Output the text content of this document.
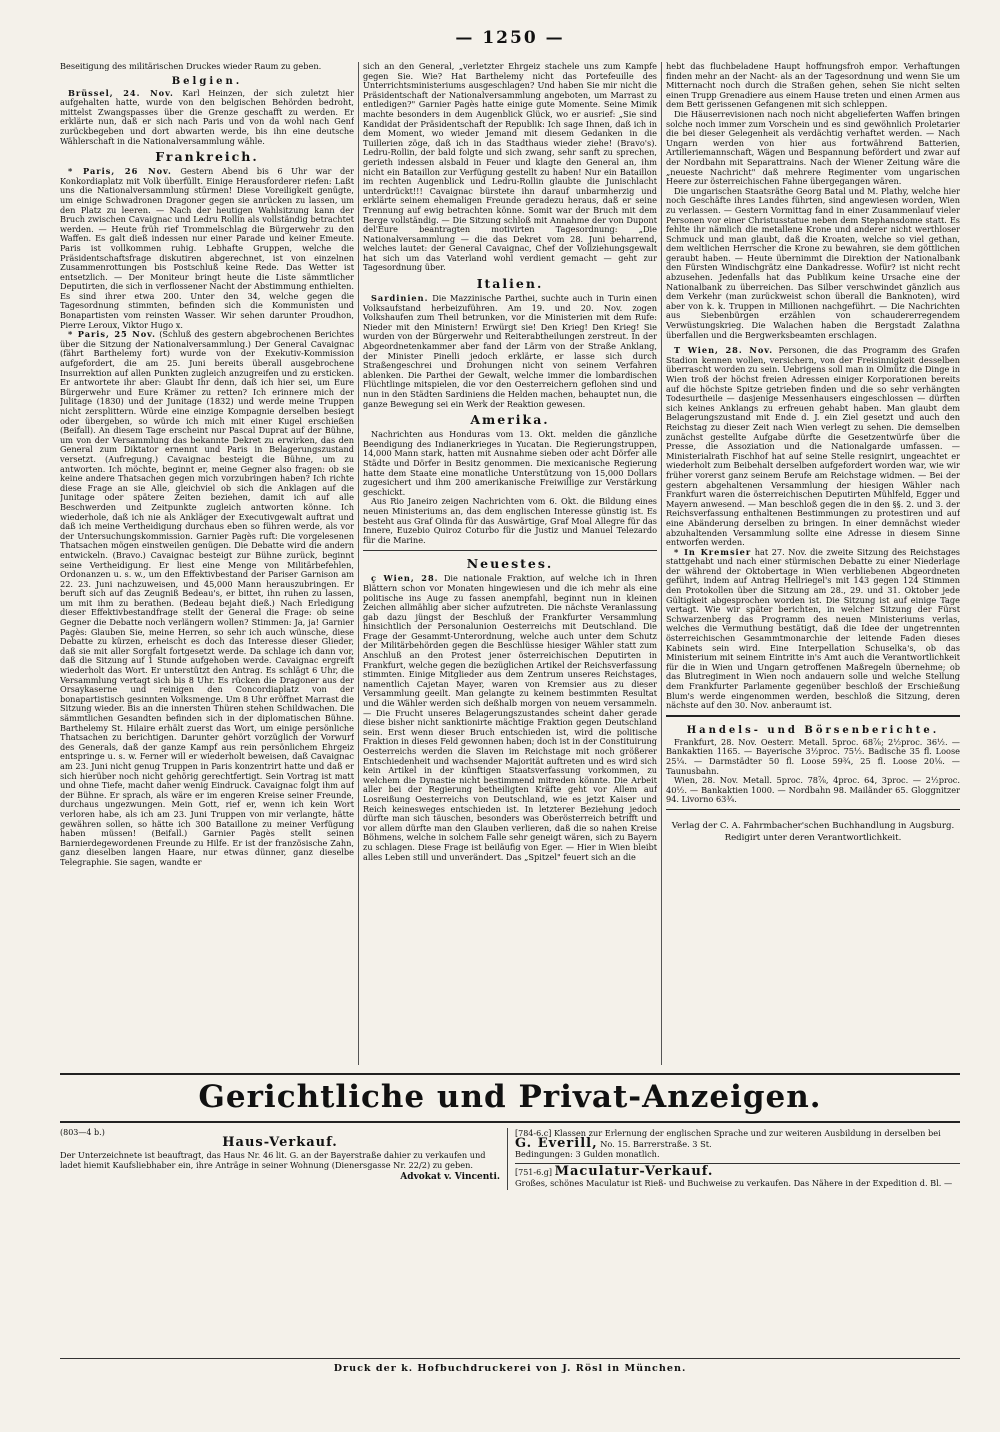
— 1250 —

Beseitigung des militärischen Druckes wieder Raum zu geben.

Belgien.

Brüssel, 24. Nov. Karl Heinzen, der sich zuletzt hier aufgehalten hatte, wurde von den belgischen Behörden bedroht, mittelst Zwangspasses über die Grenze geschafft zu werden. Er erklärte nun, daß er sich nach Paris und von da wohl nach Genf zurückbegeben und dort abwarten werde, bis ihn eine deutsche Wählerschaft in die Nationalversammlung wähle.

Frankreich.

* Paris, 26 Nov. Gestern Abend bis 6 Uhr war der Konkordiaplatz mit Volk überfüllt. Einige Herausforderer riefen: Laßt uns die Nationalversammlung stürmen! Diese Voreiligkeit genügte, um einige Schwadronen Dragoner gegen sie anrücken zu lassen, um den Platz zu leeren. — Nach der heutigen Wahlsitzung kann der Bruch zwischen Cavaignac und Ledru Rollin als vollständig betrachtet werden. — Heute früh rief Trommelschlag die Bürgerwehr zu den Waffen. Es galt dieß indessen nur einer Parade und keiner Emeute. Paris ist vollkommen ruhig. Lebhafte Gruppen, welche die Präsidentschaftsfrage diskutiren abgerechnet, ist von einzelnen Zusammenrottungen bis Postschluß keine Rede. Das Wetter ist entsetzlich. — Der Moniteur bringt heute die Liste sämmtlicher Deputirten, die sich in verflossener Nacht der Abstimmung enthielten. Es sind ihrer etwa 200. Unter den 34, welche gegen die Tagesordnung stimmten, befinden sich die Kommunisten und Bonapartisten vom reinsten Wasser. Wir sehen darunter Proudhon, Pierre Leroux, Viktor Hugo x.

* Paris, 25 Nov. (Schluß des gestern abgebrochenen Berichtes über die Sitzung der Nationalversammlung.) Der General Cavaignac (fährt Barthelemy fort) wurde von der Exekutiv-Kommission aufgefordert, die am 25. Juni bereits überall ausgebrochene Insurrektion auf allen Punkten zugleich anzugreifen und zu ersticken. Er antwortete ihr aber: Glaubt Ihr denn, daß ich hier sei, um Eure Bürgerwehr und Eure Krämer zu retten? Ich erinnere mich der Julitage (1830) und der Junitage (1832) und werde meine Truppen nicht zersplittern. Würde eine einzige Kompagnie derselben besiegt oder übergeben, so würde ich mich mit einer Kugel erschießen (Beifall). An diesem Tage erscheint nur Pascal Duprat auf der Bühne, um von der Versammlung das bekannte Dekret zu erwirken, das den General zum Diktator ernennt und Paris in Belagerungszustand versetzt. (Aufregung.) Cavaignac besteigt die Bühne, um zu antworten. Ich möchte, beginnt er, meine Gegner also fragen: ob sie keine andere Thatsachen gegen mich vorzubringen haben? Ich richte diese Frage an sie Alle, gleichviel ob sich die Anklagen auf die Junitage oder spätere Zeiten beziehen, damit ich auf alle Beschwerden und Zeitpunkte zugleich antworten könne. Ich wiederhole, daß ich nie als Ankläger der Executivgewalt auftrat und daß ich meine Vertheidigung durchaus eben so führen werde, als vor der Untersuchungskommission. Garnier Pagès ruft: Die vorgelesenen Thatsachen mögen einstweilen genügen. Die Debatte wird die andern entwickeln. (Bravo.) Cavaignac besteigt zur Bühne zurück, beginnt seine Vertheidigung. Er liest eine Menge von Militärbefehlen, Ordonanzen u. s. w., um den Effektivbestand der Pariser Garnison am 22. 23. Juni nachzuweisen, und 45,000 Mann herauszubringen. Er beruft sich auf das Zeugniß Bedeau's, er bittet, ihn ruhen zu lassen, um mit ihm zu berathen. (Bedeau bejaht dieß.) Nach Erledigung dieser Effektivbestandfrage stellt der General die Frage: ob seine Gegner die Debatte noch verlängern wollen? Stimmen: Ja, ja! Garnier Pagès: Glauben Sie, meine Herren, so sehr ich auch wünsche, diese Debatte zu kürzen, erheischt es doch das Interesse dieser Glieder, daß sie mit aller Sorgfalt fortgesetzt werde. Da schlage ich dann vor, daß die Sitzung auf 1 Stunde aufgehoben werde. Cavaignac ergreift wiederholt das Wort. Er unterstützt den Antrag. Es schlägt 6 Uhr, die Versammlung vertagt sich bis 8 Uhr. Es rücken die Dragoner aus der Orsaykaserne und reinigen den Concordiaplatz von der bonapartistisch gesinnten Volksmenge. Um 8 Uhr eröffnet Marrast die Sitzung wieder. Bis an die innersten Thüren stehen Schildwachen. Die sämmtlichen Gesandten befinden sich in der diplomatischen Bühne. Barthelemy St. Hilaire erhält zuerst das Wort, um einige persönliche Thatsachen zu berichtigen. Darunter gehört vorzüglich der Vorwurf des Generals, daß der ganze Kampf aus rein persönlichem Ehrgeiz entspringe u. s. w. Ferner will er wiederholt beweisen, daß Cavaignac am 23. Juni nicht genug Truppen in Paris konzentrirt hatte und daß er sich hierüber noch nicht gehörig gerechtfertigt. Sein Vortrag ist matt und ohne Tiefe, macht daher wenig Eindruck. Cavaignac folgt ihm auf der Bühne. Er sprach, als wäre er im engeren Kreise seiner Freunde, durchaus ungezwungen. Mein Gott, rief er, wenn ich kein Wort verloren habe, als ich am 23. Juni Truppen von mir verlangte, hätte gewähren sollen, so hätte ich 300 Bataillone zu meiner Verfügung haben müssen! (Beifall.) Garnier Pagès stellt seinen Barnierdegewordenen Freunde zu Hilfe. Er ist der französische Zahn, ganz dieselben langen Haare, nur etwas dünner, ganz dieselbe Telegraphie. Sie sagen, wandte er

sich an den General, „verletzter Ehrgeiz stachele uns zum Kampfe gegen Sie. Wie? Hat Barthelemy nicht das Portefeuille des Unterrichtsministeriums ausgeschlagen? Und haben Sie mir nicht die Präsidentschaft der Nationalversammlung angeboten, um Marrast zu entledigen?" Garnier Pagès hatte einige gute Momente. Seine Mimik machte besonders in dem Augenblick Glück, wo er ausrief: „Sie sind Kandidat der Präsidentschaft der Republik: Ich sage Ihnen, daß ich in dem Moment, wo wieder Jemand mit diesem Gedanken in die Tuillerien zöge, daß ich in das Stadthaus wieder ziehe! (Bravo's). Ledru-Rollin, der bald folgte und sich zwang, sehr sanft zu sprechen, gerieth indessen alsbald in Feuer und klagte den General an, ihm nicht ein Bataillon zur Verfügung gestellt zu haben! Nur ein Bataillon im rechten Augenblick und Ledru-Rollin glaubte die Junischlacht unterdrückt!!! Cavaignac bürstete ihn darauf unbarmherzig und erklärte seinem ehemaligen Freunde geradezu heraus, daß er seine Trennung auf ewig betrachten könne. Somit war der Bruch mit dem Berge vollständig. — Die Sitzung schloß mit Annahme der von Dupont del'Eure beantragten motivirten Tagesordnung: „Die Nationalversammlung — die das Dekret vom 28. Juni beharrend, welches lautet: der General Cavaignac, Chef der Vollziehungsgewalt hat sich um das Vaterland wohl verdient gemacht — geht zur Tagesordnung über.

Italien.

Sardinien. Die Mazzinische Parthei, suchte auch in Turin einen Volksaufstand herbeizuführen. Am 19. und 20. Nov. zogen Volkshaufen zum Theil betrunken, vor die Ministerien mit dem Rufe: Nieder mit den Ministern! Erwürgt sie! Den Krieg! Den Krieg! Sie wurden von der Bürgerwehr und Reiterabtheilungen zerstreut. In der Abgeordnetenkammer aber fand der Lärm von der Straße Anklang, der Minister Pinelli jedoch erklärte, er lasse sich durch Straßengeschrei und Drohungen nicht von seinem Verfahren ablenken. Die Parthei der Gewalt, welche immer die lombardischen Flüchtlinge mitspielen, die vor den Oesterreichern geflohen sind und nun in den Städten Sardiniens die Helden machen, behauptet nun, die ganze Bewegung sei ein Werk der Reaktion gewesen.

Amerika.

Nachrichten aus Honduras vom 13. Okt. melden die gänzliche Beendigung des Indianerkrieges in Yucatan. Die Regierungstruppen, 14,000 Mann stark, hatten mit Ausnahme sieben oder acht Dörfer alle Städte und Dörfer in Besitz genommen. Die mexicanische Regierung hatte dem Staate eine monatliche Unterstützung von 15,000 Dollars zugesichert und ihm 200 amerikanische Freiwillige zur Verstärkung geschickt.

Aus Rio Janeiro zeigen Nachrichten vom 6. Okt. die Bildung eines neuen Ministeriums an, das dem englischen Interesse günstig ist. Es besteht aus Graf Olinda für das Auswärtige, Graf Moal Allegre für das Innere, Euzebio Quiroz Coturbo für die Justiz und Manuel Telezardo für die Marine.

Neuestes.

ç Wien, 28. Die nationale Fraktion, auf welche ich in Ihren Blättern schon vor Monaten hingewiesen und die ich mehr als eine politische ins Auge zu fassen anempfahl, beginnt nun in kleinen Zeichen allmählig aber sicher aufzutreten. Die nächste Veranlassung gab dazu jüngst der Beschluß der Frankfurter Versammlung hinsichtlich der Personalunion Oesterreichs mit Deutschland. Die Frage der Gesammt-Unterordnung, welche auch unter dem Schutz der Militärbehörden gegen die Beschlüsse hiesiger Wähler statt zum Anschluß an den Protest jener österreichischen Deputirten in Frankfurt, welche gegen die bezüglichen Artikel der Reichsverfassung stimmten. Einige Mitglieder aus dem Zentrum unseres Reichstages, namentlich Cajetan Mayer, waren von Kremsier aus zu dieser Versammlung geeilt. Man gelangte zu keinem bestimmten Resultat und die Wähler werden sich deßhalb morgen von neuem versammeln. — Die Frucht unseres Belagerungszustandes scheint daher gerade diese bisher nicht sanktionirte mächtige Fraktion gegen Deutschland sein. Erst wenn dieser Bruch entschieden ist, wird die politische Fraktion in dieses Feld gewonnen haben; doch ist in der Constituirung Oesterreichs werden die Slaven im Reichstage mit noch größerer Entschiedenheit und wachsender Majorität auftreten und es wird sich kein Artikel in der künftigen Staatsverfassung vorkommen, zu welchem die Dynastie nicht bestimmend mitreden könnte. Die Arbeit aller bei der Regierung betheiligten Kräfte geht vor Allem auf Losreißung Oesterreichs von Deutschland, wie es jetzt Kaiser und Reich keinesweges entschieden ist. In letzterer Beziehung jedoch dürfte man sich täuschen, besonders was Oberösterreich betrifft und vor allem dürfte man den Glauben verlieren, daß die so nahen Kreise Böhmens, welche in solchem Falle sehr geneigt wären, sich zu Bayern zu schlagen. Diese Frage ist beiläufig von Eger. — Hier in Wien bleibt alles Leben still und unverändert. Das „Spitzel" feuert sich an die

hebt das fluchbeladene Haupt hoffnungsfroh empor. Verhaftungen finden mehr an der Nacht- als an der Tagesordnung und wenn Sie um Mitternacht noch durch die Straßen gehen, sehen Sie nicht selten einen Trupp Grenadiere aus einem Hause treten und einen Armen aus dem Bett gerissenen Gefangenen mit sich schleppen.

Die Häuserrevisionen nach noch nicht abgelieferten Waffen bringen solche noch immer zum Vorschein und es sind gewöhnlich Proletarier die bei dieser Gelegenheit als verdächtig verhaftet werden. — Nach Ungarn werden von hier aus fortwährend Batterien, Artilleriemannschaft, Wägen und Bespannung befördert und zwar auf der Nordbahn mit Separattrains. Nach der Wiener Zeitung wäre die „neueste Nachricht" daß mehrere Regimenter vom ungarischen Heere zur österreichischen Fahne übergegangen wären.

Die ungarischen Staatsräthe Georg Batal und M. Plathy, welche hier noch Geschäfte ihres Landes führten, sind angewiesen worden, Wien zu verlassen. — Gestern Vormittag fand in einer Zusammenlauf vieler Personen vor einer Christusstatue neben dem Stephansdome statt. Es fehlte ihr nämlich die metallene Krone und anderer nicht werthloser Schmuck und man glaubt, daß die Kroaten, welche so viel gethan, dem weltlichen Herrscher die Krone zu bewahren, sie dem göttlichen geraubt haben. — Heute übernimmt die Direktion der Nationalbank den Fürsten Windischgrätz eine Dankadresse. Wofür? ist nicht recht abzusehen. Jedenfalls hat das Publikum keine Ursache eine der Nationalbank zu überreichen. Das Silber verschwindet gänzlich aus dem Verkehr (man zurückweist schon überall die Banknoten), wird aber von k. k. Truppen in Millionen nachgeführt. — Die Nachrichten aus Siebenbürgen erzählen von schaudererregendem Verwüstungskrieg. Die Walachen haben die Bergstadt Zalathna überfallen und die Bergwerksbeamten erschlagen.

T Wien, 28. Nov. Personen, die das Programm des Grafen Stadion kennen wollen, versichern, von der Freisinnigkeit desselben überrascht worden zu sein. Uebrigens soll man in Olmütz die Dinge in Wien troß der höchst freien Adressen einiger Korporationen bereits auf die höchste Spitze getrieben finden und die so sehr verhängten Todesurtheile — dasjenige Messenhausers eingeschlossen — dürften sich keines Anklangs zu erfreuen gehabt haben. Man glaubt dem Belagerungszustand mit Ende d. J. ein Ziel gesetzt und auch den Reichstag zu dieser Zeit nach Wien verlegt zu sehen. Die demselben zunächst gestellte Aufgabe dürfte die Gesetzentwürfe über die Presse, die Assoziation und die Nationalgarde umfassen. — Ministerialrath Fischhof hat auf seine Stelle resignirt, ungeachtet er wiederholt zum Beibehalt derselben aufgefordert worden war, wie wir früher vorerst ganz seinem Berufe am Reichstage widmen. — Bei der gestern abgehaltenen Versammlung der hiesigen Wähler nach Frankfurt waren die österreichischen Deputirten Mühlfeld, Egger und Mayern anwesend. — Man beschloß gegen die in den §§. 2. und 3. der Reichsverfassung enthaltenen Bestimmungen zu protestiren und auf eine Abänderung derselben zu bringen. In einer demnächst wieder abzuhaltenden Versammlung sollte eine Adresse in diesem Sinne entworfen werden.

* In Kremsier hat 27. Nov. die zweite Sitzung des Reichstages stattgehabt und nach einer stürmischen Debatte zu einer Niederlage der während der Oktobertage in Wien verbliebenen Abgeordneten geführt, indem auf Antrag Hellriegel's mit 143 gegen 124 Stimmen den Protokollen über die Sitzung am 28., 29. und 31. Oktober jede Gültigkeit abgesprochen worden ist. Die Sitzung ist auf einige Tage vertagt. Wie wir später berichten, in welcher Sitzung der Fürst Schwarzenberg das Programm des neuen Ministeriums verlas, welches die Vermuthung bestätigt, daß die Idee der ungetrennten österreichischen Gesammtmonarchie der leitende Faden dieses Kabinets sein wird. Eine Interpellation Schuselka's, ob das Ministerium mit seinem Eintritte in's Amt auch die Verantwortlichkeit für die in Wien und Ungarn getroffenen Maßregeln übernehme; ob das Blutregiment in Wien noch andauern solle und welche Stellung dem Frankfurter Parlamente gegenüber beschloß der Erschießung Blum's werde eingenommen werden, beschloß die Sitzung, deren nächste auf den 30. Nov. anberaumt ist.

Handels- und Börsenberichte.

Frankfurt, 28. Nov. Oesterr. Metall. 5proc. 68⅞; 2½proc. 36½. — Bankaktien 1165. — Bayerische 3½proc. 75½. Badische 35 fl. Loose 25¼. — Darmstädter 50 fl. Loose 59¾, 25 fl. Loose 20⅛. — Taunusbahn.

Wien, 28. Nov. Metall. 5proc. 78⅞, 4proc. 64, 3proc. — 2½proc. 40½. — Bankaktien 1000. — Nordbahn 98. Mailänder 65. Gloggnitzer 94. Livorno 63¾.

Verlag der C. A. Fahrmbacher'schen Buchhandlung in Augsburg.
Redigirt unter deren Verantwortlichkeit.
Gerichtliche und Privat-Anzeigen.
(803—4 b.)
Haus-Verkauf.
Der Unterzeichnete ist beauftragt, das Haus Nr. 46 lit. G. an der Bayerstraße dahier zu verkaufen und ladet hiemit Kaufsliebhaber ein, ihre Anträge in seiner Wohnung (Dienersgasse Nr. 22/2) zu geben.
Advokat v. Vincenti.
[784-6.c] Klassen zur Erlernung der englischen Sprache und zur weiteren Ausbildung in derselben bei
G. Everill, No. 15. Barrerstraße. 3 St.
Bedingungen: 3 Gulden monatlich.
[751-6.g] Maculatur-Verkauf.
Großes, schönes Maculatur ist Rieß- und Buchweise zu verkaufen. Das Nähere in der Expedition d. Bl. —
Druck der k. Hofbuchdruckerei von J. Rösl in München.
